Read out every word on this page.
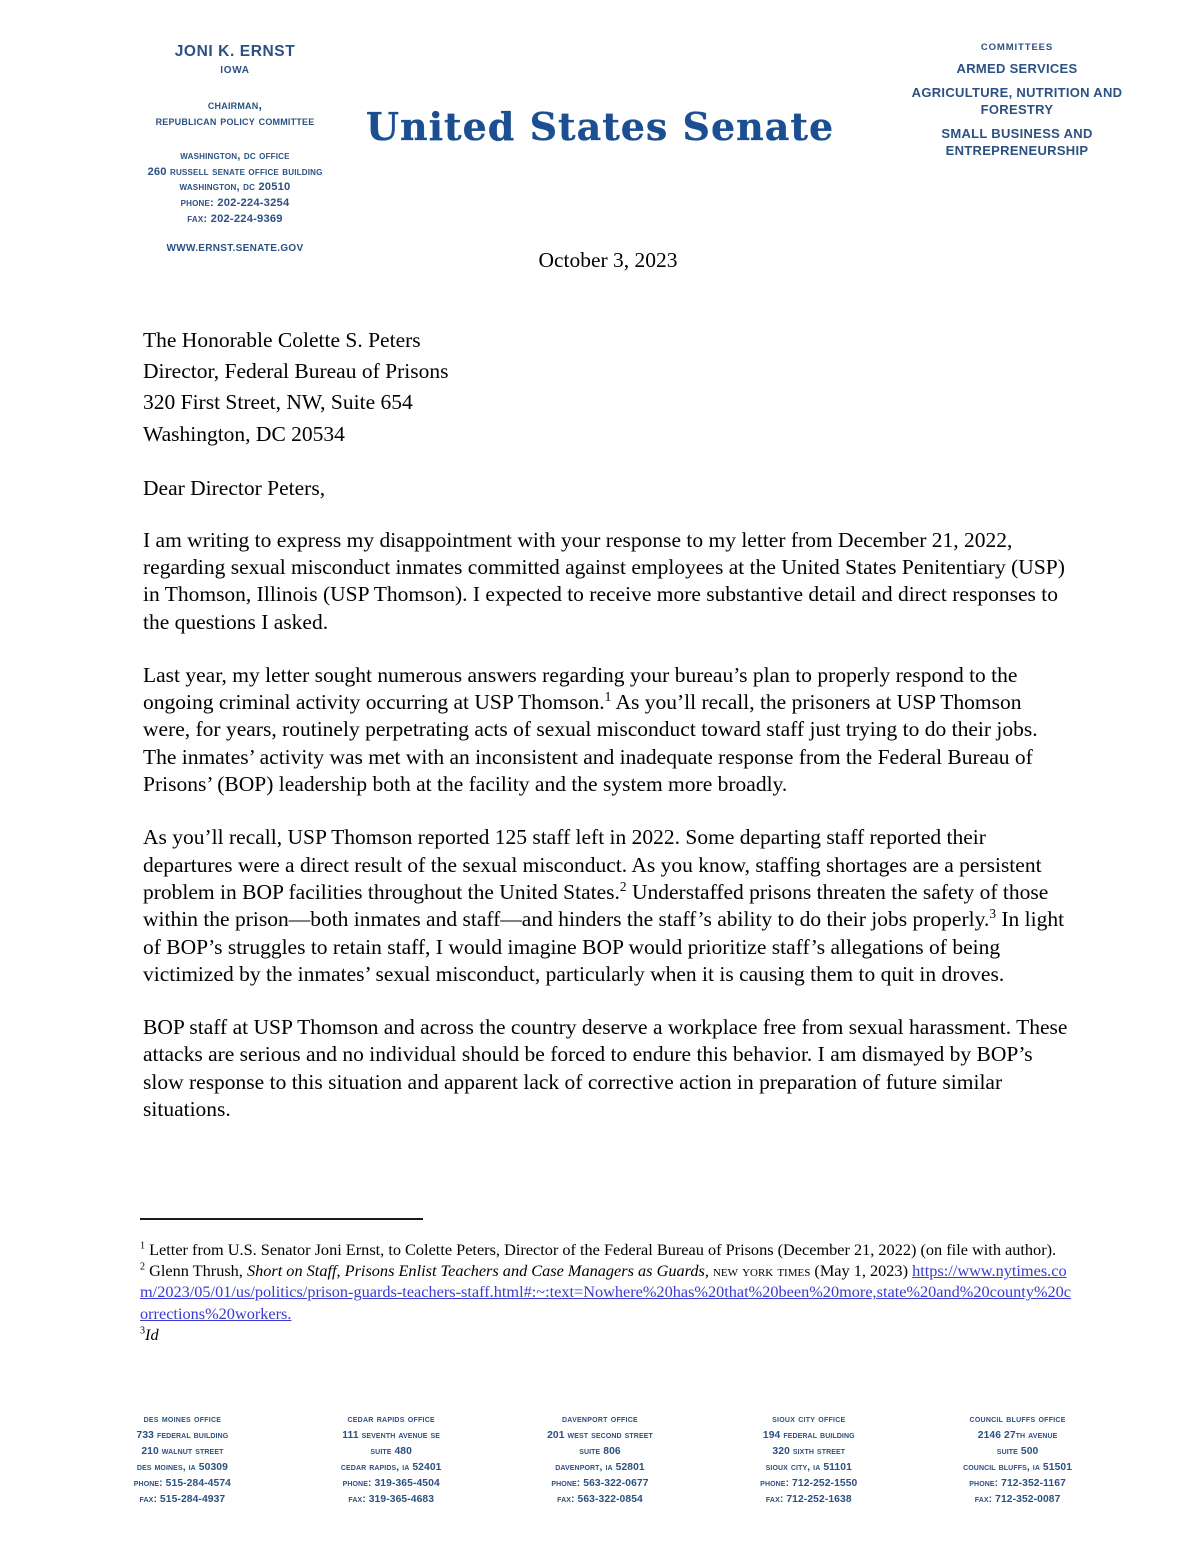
JONI K. ERNST
IOWA
chairman,
republican policy committee
washington, dc office
260 russell senate office building
washington, dc 20510
phone: 202-224-3254
fax: 202-224-9369
WWW.ERNST.SENATE.GOV
United States Senate
COMMITTEES
ARMED SERVICES
AGRICULTURE, NUTRITION AND FORESTRY
SMALL BUSINESS AND ENTREPRENEURSHIP
October 3, 2023
The Honorable Colette S. Peters
Director, Federal Bureau of Prisons
320 First Street, NW, Suite 654
Washington, DC 20534
Dear Director Peters,

I am writing to express my disappointment with your response to my letter from December 21, 2022, regarding sexual misconduct inmates committed against employees at the United States Penitentiary (USP) in Thomson, Illinois (USP Thomson). I expected to receive more substantive detail and direct responses to the questions I asked.

Last year, my letter sought numerous answers regarding your bureau’s plan to properly respond to the ongoing criminal activity occurring at USP Thomson.$^1$ As you’ll recall, the prisoners at USP Thomson were, for years, routinely perpetrating acts of sexual misconduct toward staff just trying to do their jobs. The inmates’ activity was met with an inconsistent and inadequate response from the Federal Bureau of Prisons’ (BOP) leadership both at the facility and the system more broadly.

As you’ll recall, USP Thomson reported 125 staff left in 2022. Some departing staff reported their departures were a direct result of the sexual misconduct. As you know, staffing shortages are a persistent problem in BOP facilities throughout the United States.$^2$ Understaffed prisons threaten the safety of those within the prison—both inmates and staff—and hinders the staff’s ability to do their jobs properly.$^3$ In light of BOP’s struggles to retain staff, I would imagine BOP would prioritize staff’s allegations of being victimized by the inmates’ sexual misconduct, particularly when it is causing them to quit in droves.

BOP staff at USP Thomson and across the country deserve a workplace free from sexual harassment. These attacks are serious and no individual should be forced to endure this behavior. I am dismayed by BOP’s slow response to this situation and apparent lack of corrective action in preparation of future similar situations.

$^1$ Letter from U.S. Senator Joni Ernst, to Colette Peters, Director of the Federal Bureau of Prisons (December 21, 2022) (on file with author).

$^2$ Glenn Thrush, Short on Staff, Prisons Enlist Teachers and Case Managers as Guards, new york times (May 1, 2023) https://www.nytimes.com/2023/05/01/us/politics/prison-guards-teachers-staff.html#:~:text=Nowhere%20has%20that%20been%20more,state%20and%20county%20corrections%20workers.

$^3$Id

des moines office
733 federal building
210 walnut street
des moines, ia 50309
phone: 515-284-4574
fax: 515-284-4937
cedar rapids office
111 seventh avenue se
suite 480
cedar rapids, ia 52401
phone: 319-365-4504
fax: 319-365-4683
davenport office
201 west second street
suite 806
davenport, ia 52801
phone: 563-322-0677
fax: 563-322-0854
sioux city office
194 federal building
320 sixth street
sioux city, ia 51101
phone: 712-252-1550
fax: 712-252-1638
council bluffs office
2146 27th avenue
suite 500
council bluffs, ia 51501
phone: 712-352-1167
fax: 712-352-0087
